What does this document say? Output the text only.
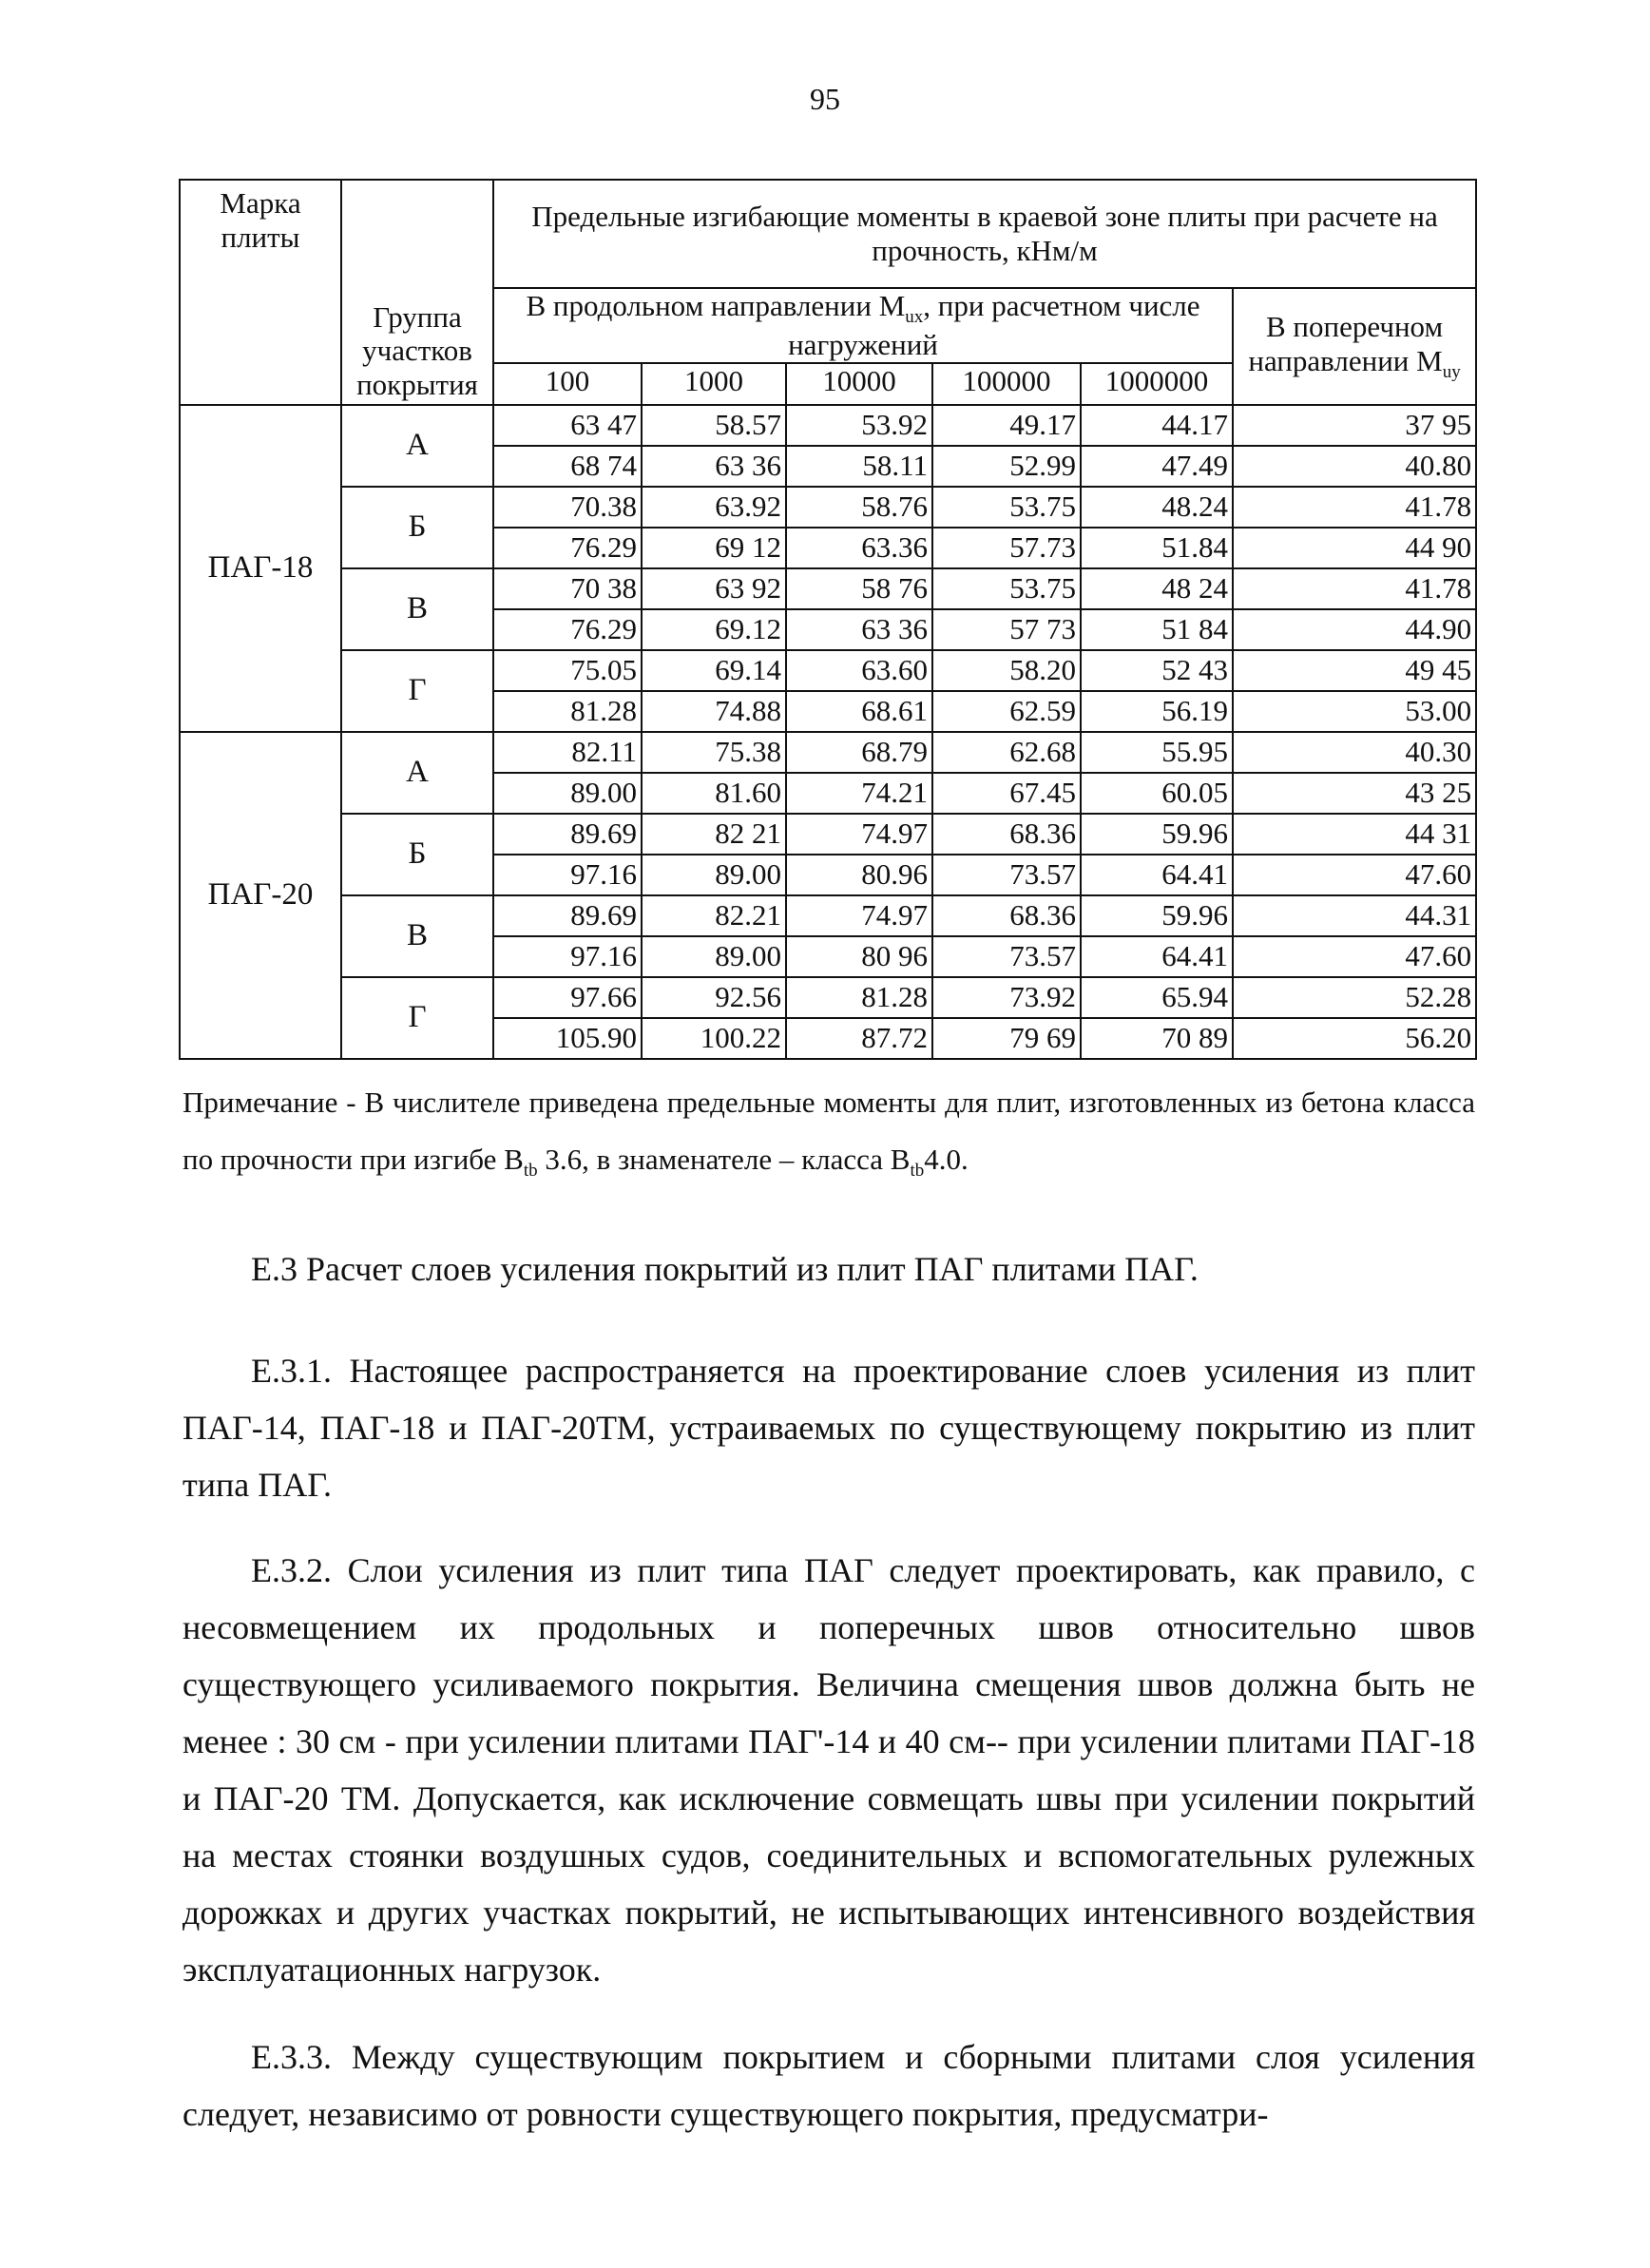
95
Марка плиты	Группа участков покрытия	Предельные изгибающие моменты в краевой зоне плиты при расчете на прочность, кНм/м					
		В продольном направлении $M_{ux}$, при расчетном числе нагружений					В поперечном направлении $M_{uy}$
		100	1000	10000	100000	1000000	
ПАГ-18	А	63 47	58.57	53.92	49.17	44.17	37 95
		68 74	63 36	58.11	52.99	47.49	40.80
	Б	70.38	63.92	58.76	53.75	48.24	41.78
		76.29	69 12	63.36	57.73	51.84	44 90
	В	70 38	63 92	58 76	53.75	48 24	41.78
		76.29	69.12	63 36	57 73	51 84	44.90
	Г	75.05	69.14	63.60	58.20	52 43	49 45
		81.28	74.88	68.61	62.59	56.19	53.00
ПАГ-20	А	82.11	75.38	68.79	62.68	55.95	40.30
		89.00	81.60	74.21	67.45	60.05	43 25
	Б	89.69	82 21	74.97	68.36	59.96	44 31
		97.16	89.00	80.96	73.57	64.41	47.60
	В	89.69	82.21	74.97	68.36	59.96	44.31
		97.16	89.00	80 96	73.57	64.41	47.60
	Г	97.66	92.56	81.28	73.92	65.94	52.28
		105.90	100.22	87.72	79 69	70 89	56.20
Примечание - В числителе приведена предельные моменты для плит, изготовленных из бетона класса по прочности при изгибе $B_{tb}$ 3.6, в знаменателе – класса $B_{tb}4.0$.
Е.3 Расчет слоев усиления покрытий из плит ПАГ плитами ПАГ.

Е.3.1. Настоящее распространяется на проектирование слоев усиления из плит ПАГ-14, ПАГ-18 и ПАГ-20ТМ, устраиваемых по существующему покрытию из плит типа ПАГ.

Е.3.2. Слои усиления из плит типа ПАГ следует проектировать, как правило, с несовмещением их продольных и поперечных швов относительно швов существующего усиливаемого покрытия. Величина смещения швов должна быть не менее : 30 см - при усилении плитами ПАГ'-14 и 40 см-- при усилении плитами ПАГ-18 и ПАГ-20 ТМ. Допускается, как исключение совмещать швы при усилении покрытий на местах стоянки воздушных судов, соединительных и вспомогательных рулежных дорожках и других участках покрытий, не испытывающих интенсивного воздействия эксплуатационных нагрузок.

Е.3.3. Между существующим покрытием и сборными плитами слоя усиления следует, независимо от ровности существующего покрытия, предусматри-
